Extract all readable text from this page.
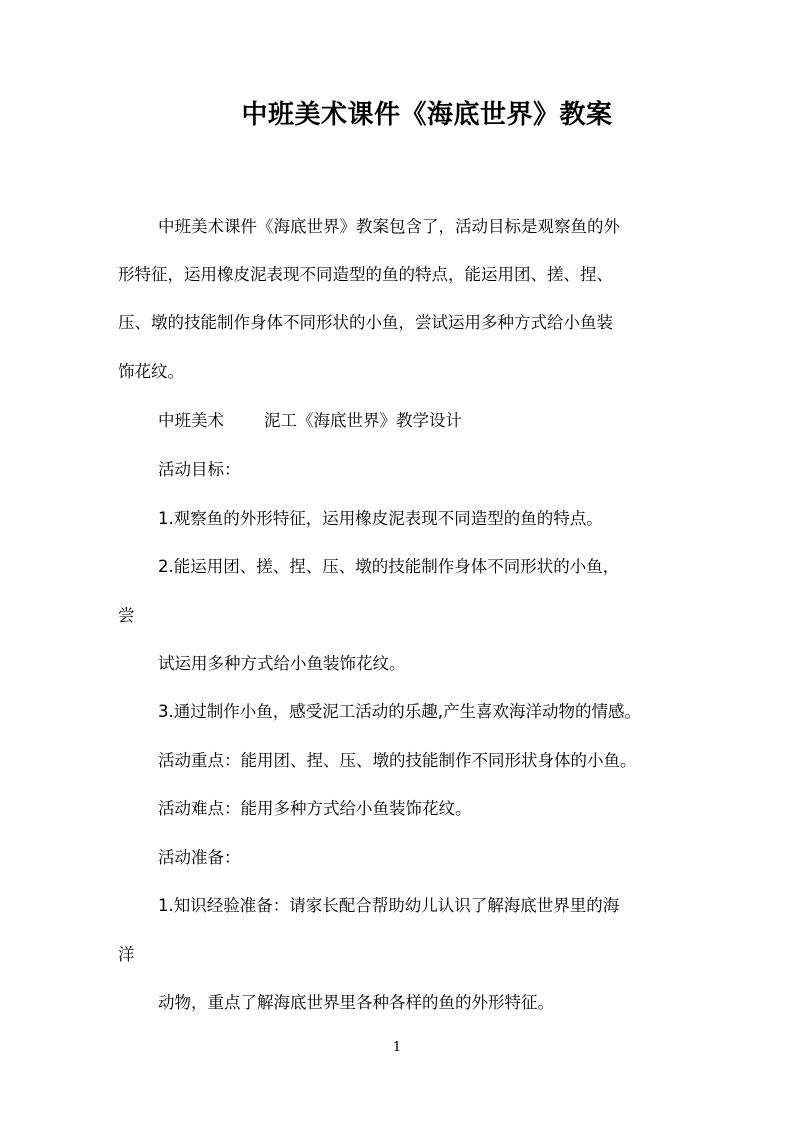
中班美术课件《海底世界》教案
中班美术课件《海底世界》教案包含了，活动目标是观察鱼的外
形特征，运用橡皮泥表现不同造型的鱼的特点，能运用团、搓、捏、
压、墩的技能制作身体不同形状的小鱼，尝试运用多种方式给小鱼装
饰花纹。
中班美术 泥工《海底世界》教学设计
活动目标：
1.观察鱼的外形特征，运用橡皮泥表现不同造型的鱼的特点。
2.能运用团、搓、捏、压、墩的技能制作身体不同形状的小鱼，
尝
试运用多种方式给小鱼装饰花纹。
3.通过制作小鱼，感受泥工活动的乐趣,产生喜欢海洋动物的情感。
活动重点：能用团、捏、压、墩的技能制作不同形状身体的小鱼。
活动难点：能用多种方式给小鱼装饰花纹。
活动准备：
1.知识经验准备：请家长配合帮助幼儿认识了解海底世界里的海
洋
动物，重点了解海底世界里各种各样的鱼的外形特征。
1
